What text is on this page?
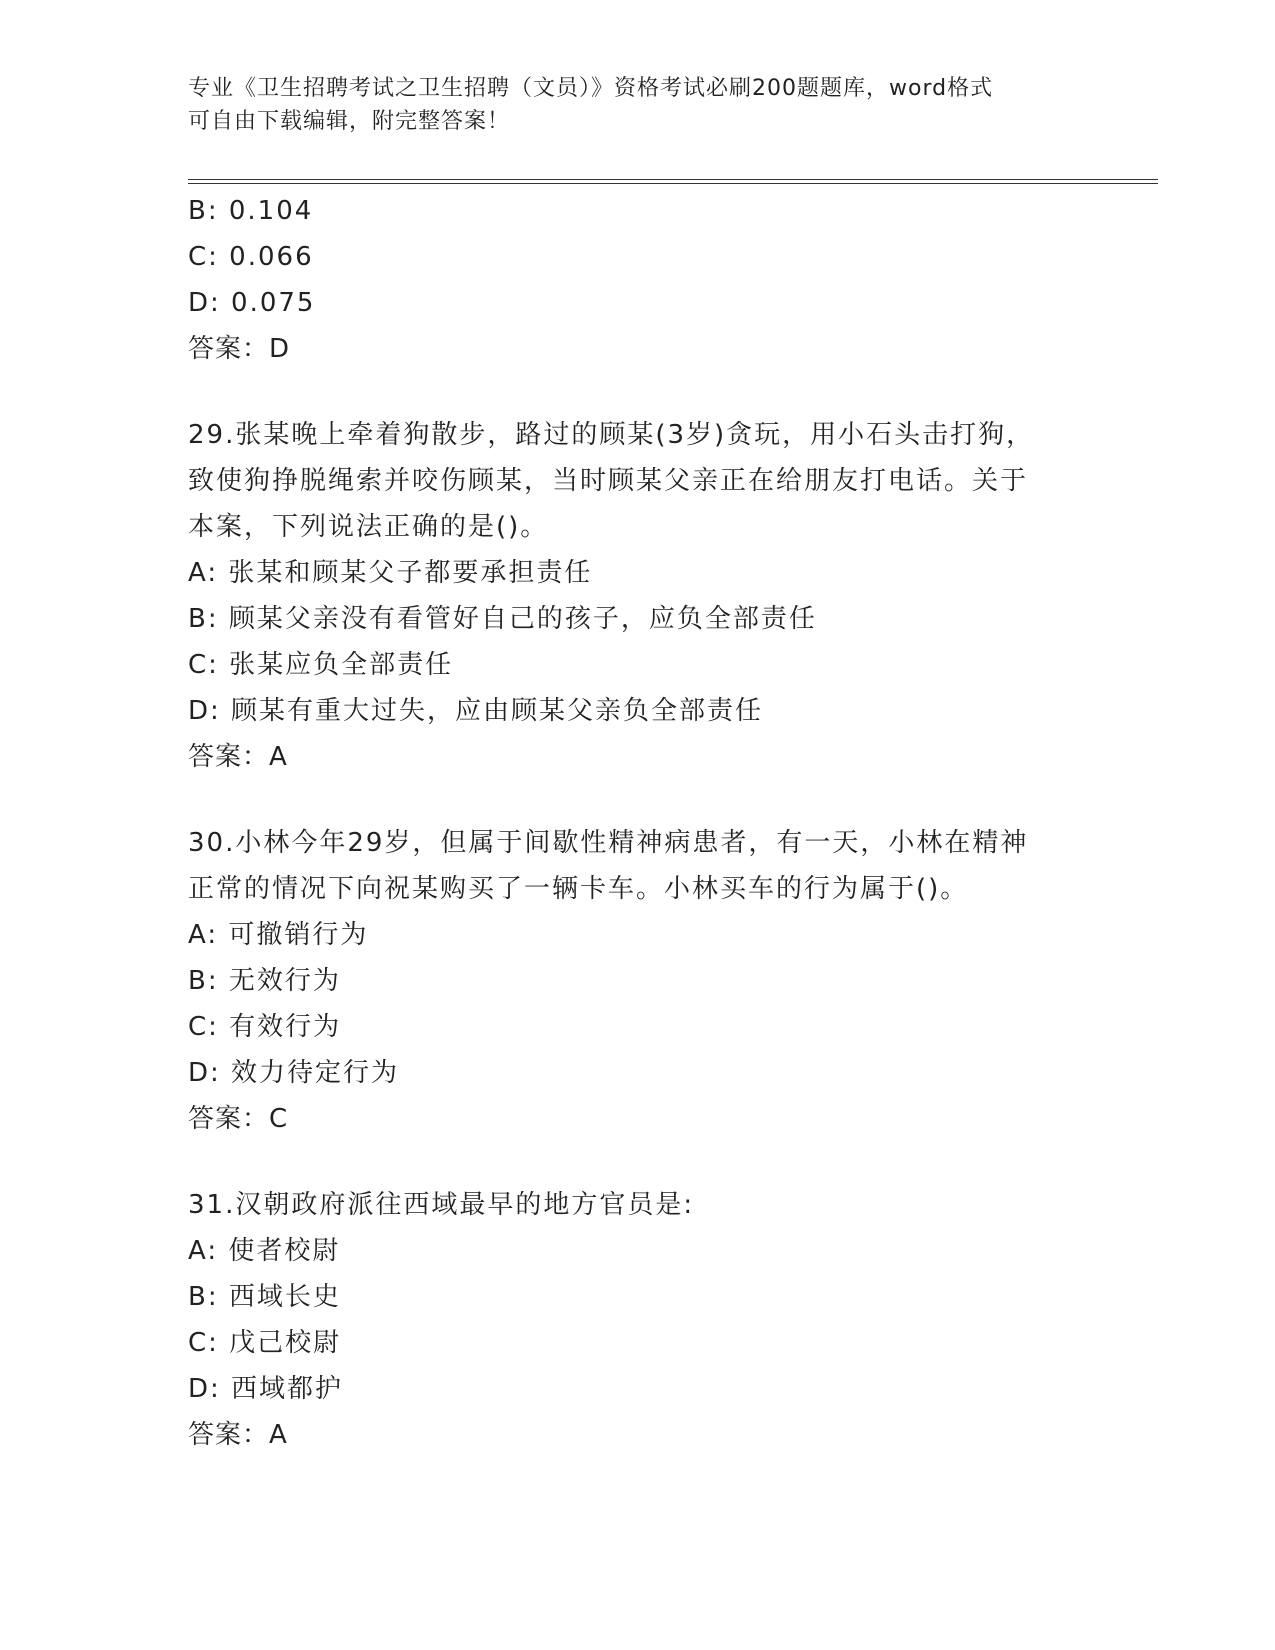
专业《卫生招聘考试之卫生招聘（文员）》资格考试必刷200题题库，word格式
可自由下载编辑，附完整答案！
B: 0.104
C: 0.066
D: 0.075
答案：D
29.张某晚上牵着狗散步，路过的顾某(3岁)贪玩，用小石头击打狗，
致使狗挣脱绳索并咬伤顾某，当时顾某父亲正在给朋友打电话。关于
本案，下列说法正确的是()。
A: 张某和顾某父子都要承担责任
B: 顾某父亲没有看管好自己的孩子，应负全部责任
C: 张某应负全部责任
D: 顾某有重大过失，应由顾某父亲负全部责任
答案：A
30.小林今年29岁，但属于间歇性精神病患者，有一天，小林在精神
正常的情况下向祝某购买了一辆卡车。小林买车的行为属于()。
A: 可撤销行为
B: 无效行为
C: 有效行为
D: 效力待定行为
答案：C
31.汉朝政府派往西域最早的地方官员是:
A: 使者校尉
B: 西域长史
C: 戊己校尉
D: 西域都护
答案：A
